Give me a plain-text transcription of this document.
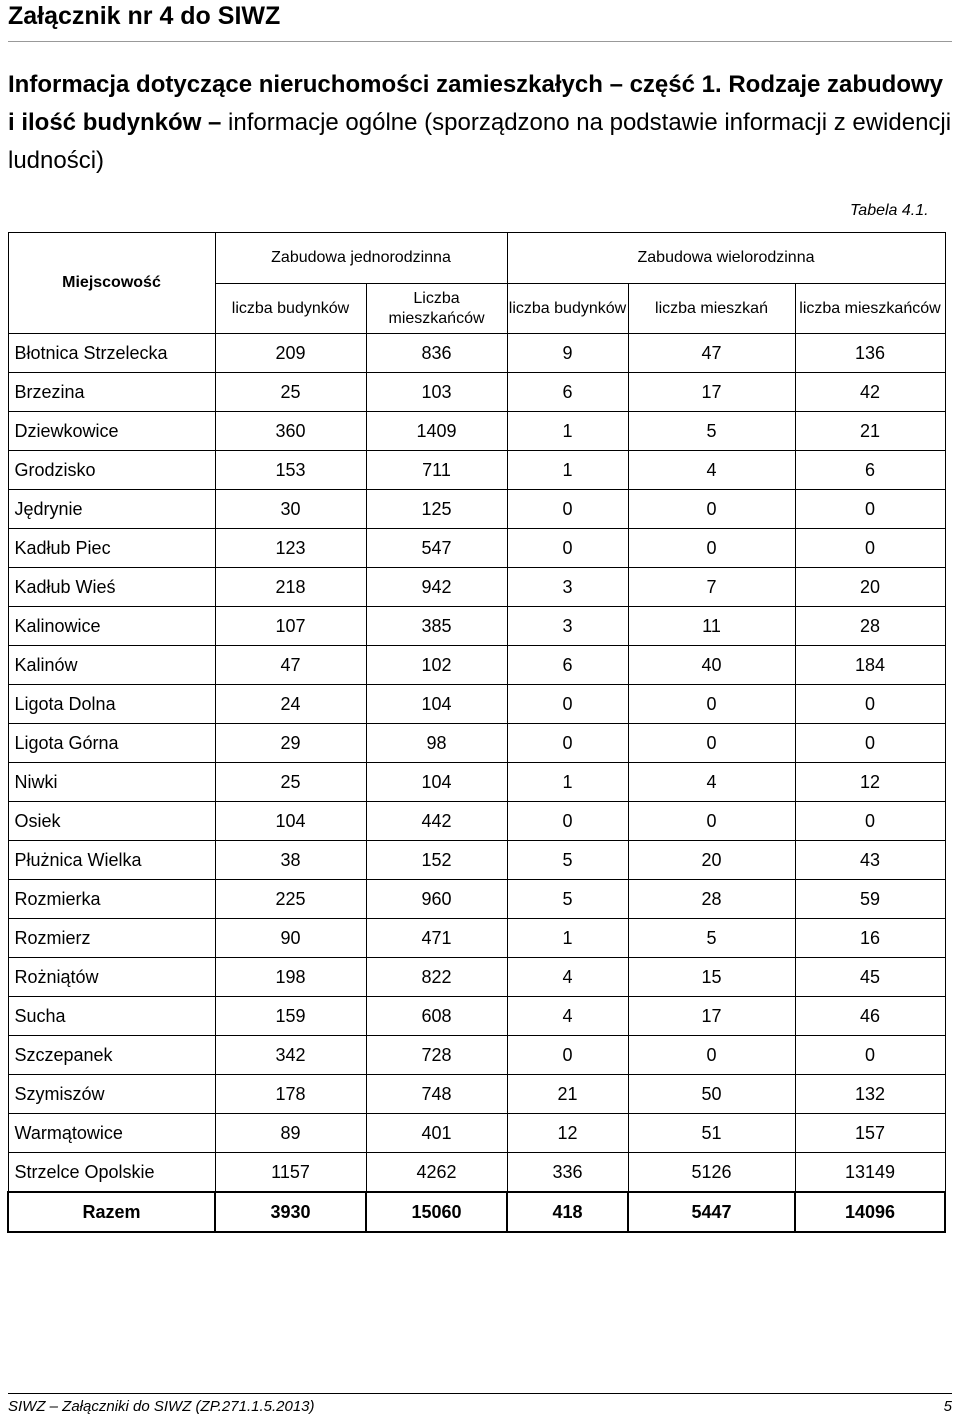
Załącznik nr 4 do SIWZ

Informacja dotyczące nieruchomości zamieszkałych – część 1. Rodzaje zabudowy i ilość budynków – informacje ogólne (sporządzono na podstawie informacji z ewidencji ludności)

Tabela 4.1.
Miejscowość	Zabudowa jednorodzinna		Zabudowa wielorodzinna		
	liczba budynków	Liczba mieszkańców	liczba budynków	liczba mieszkań	liczba mieszkańców
Błotnica Strzelecka	209	836	9	47	136
Brzezina	25	103	6	17	42
Dziewkowice	360	1409	1	5	21
Grodzisko	153	711	1	4	6
Jędrynie	30	125	0	0	0
Kadłub Piec	123	547	0	0	0
Kadłub Wieś	218	942	3	7	20
Kalinowice	107	385	3	11	28
Kalinów	47	102	6	40	184
Ligota Dolna	24	104	0	0	0
Ligota Górna	29	98	0	0	0
Niwki	25	104	1	4	12
Osiek	104	442	0	0	0
Płużnica Wielka	38	152	5	20	43
Rozmierka	225	960	5	28	59
Rozmierz	90	471	1	5	16
Rożniątów	198	822	4	15	45
Sucha	159	608	4	17	46
Szczepanek	342	728	0	0	0
Szymiszów	178	748	21	50	132
Warmątowice	89	401	12	51	157
Strzelce Opolskie	1157	4262	336	5126	13149
Razem	3930	15060	418	5447	14096
SIWZ – Załączniki do SIWZ (ZP.271.1.5.2013)	5
